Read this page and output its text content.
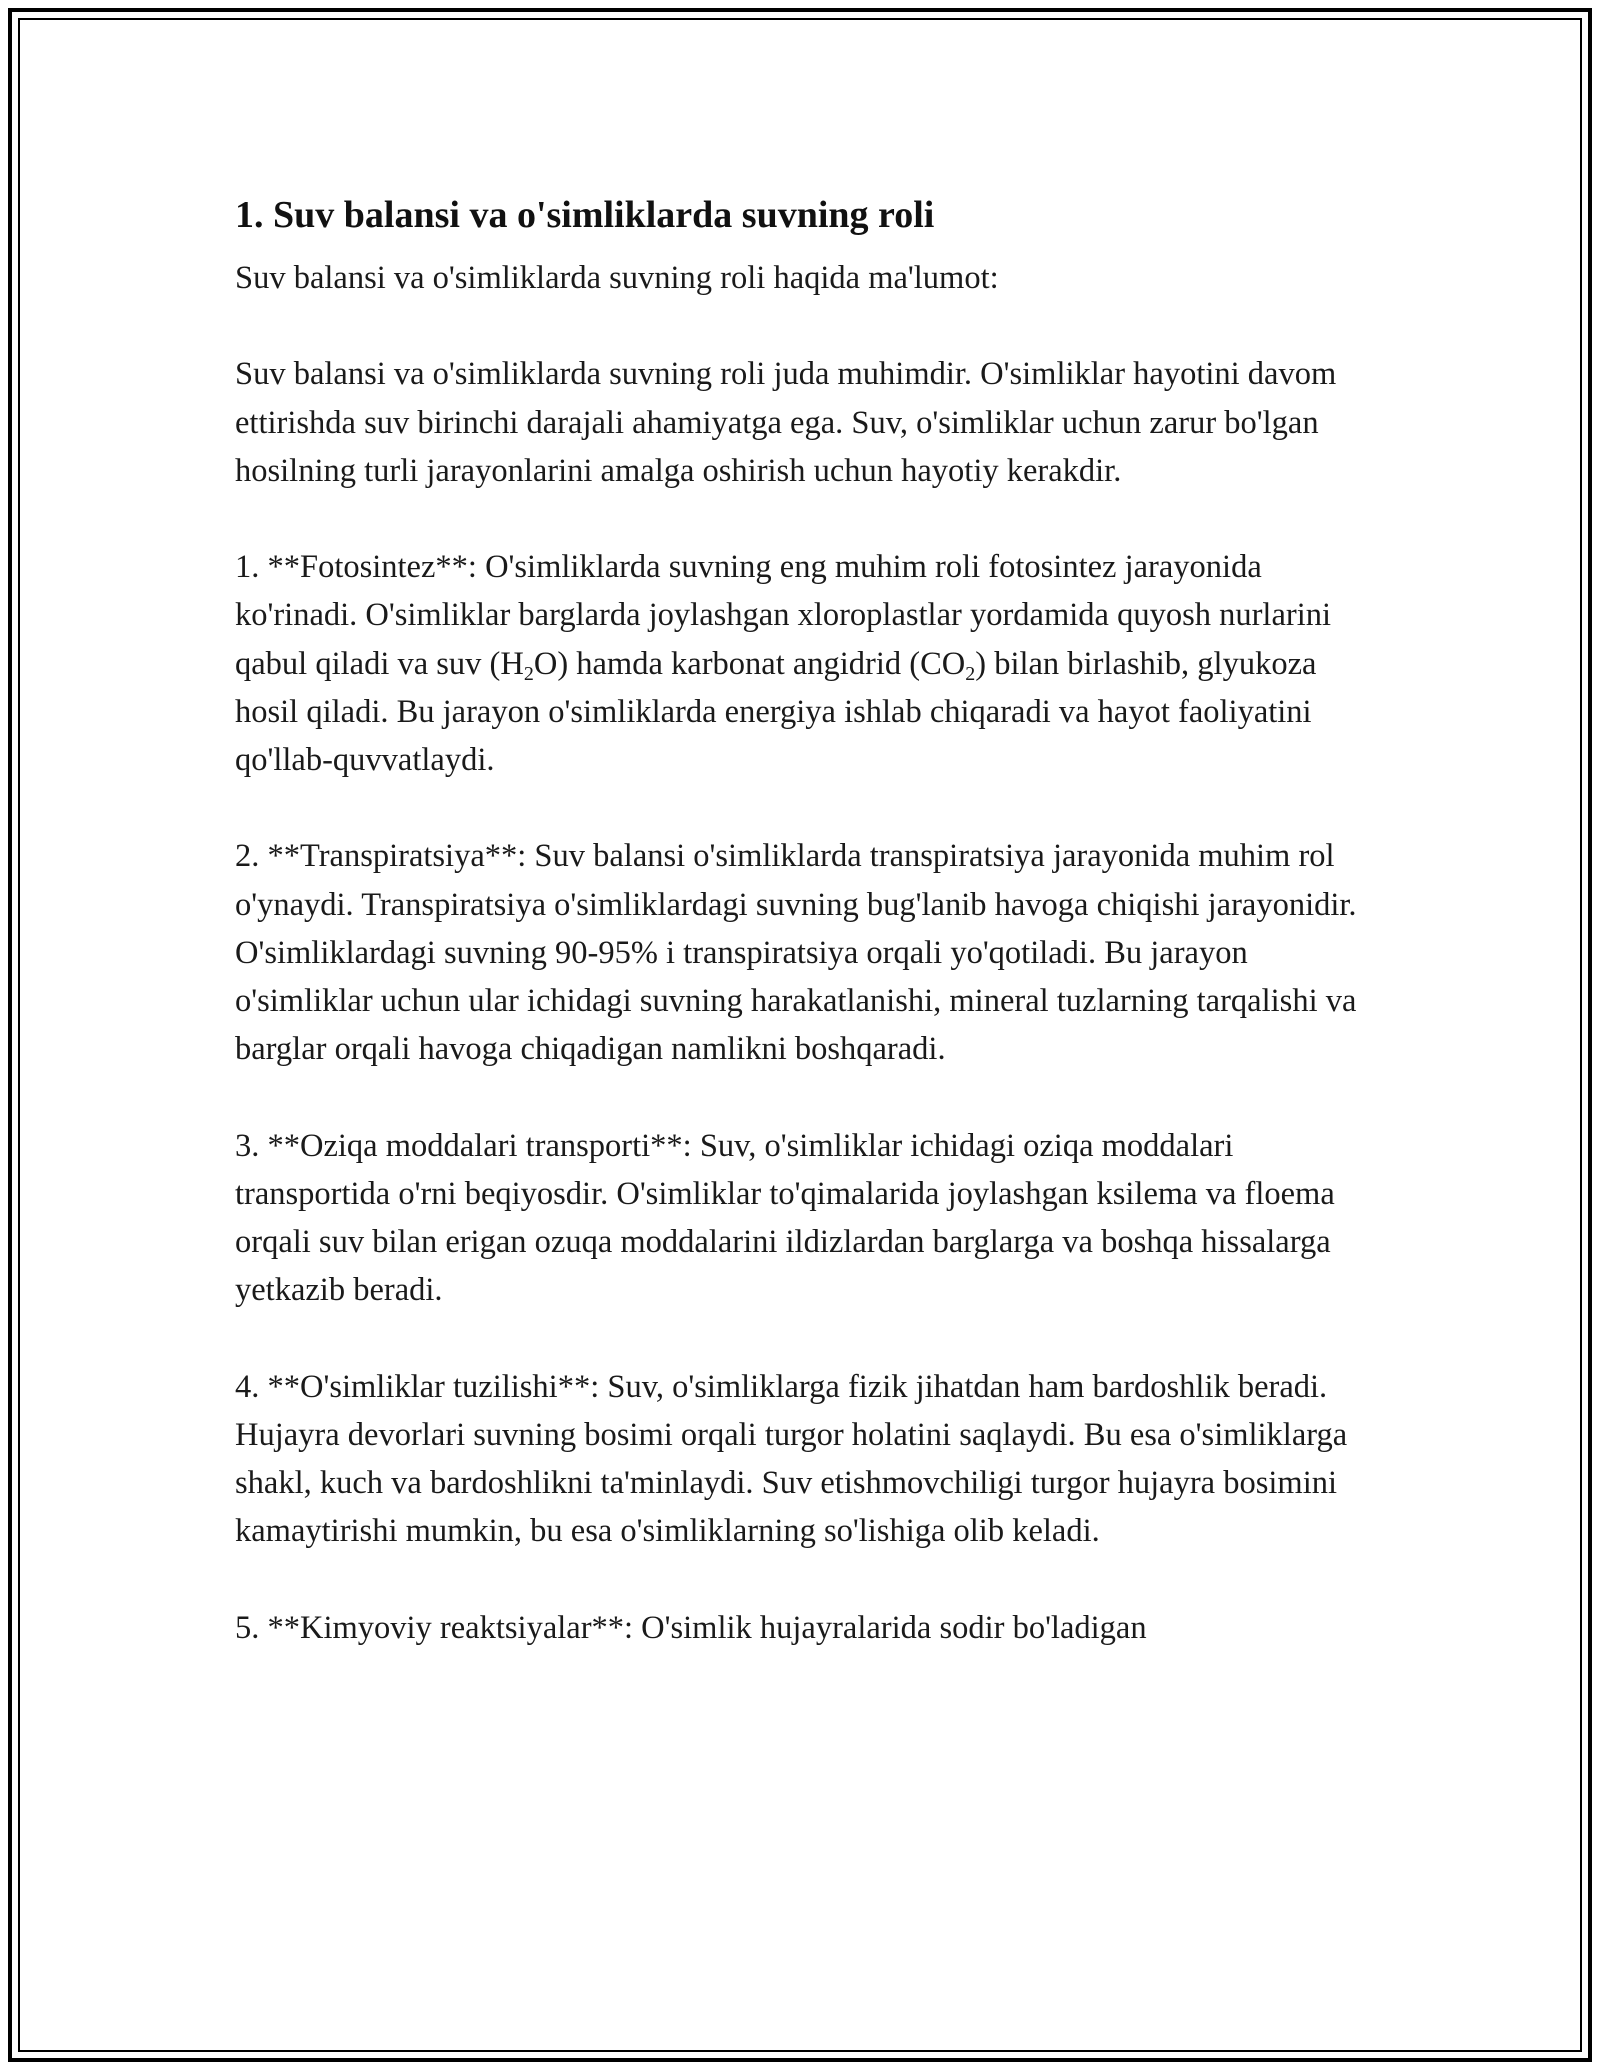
1. Suv balansi va o'simliklarda suvning roli

Suv balansi va o'simliklarda suvning roli haqida ma'lumot:

Suv balansi va o'simliklarda suvning roli juda muhimdir. O'simliklar hayotini davom ettirishda suv birinchi darajali ahamiyatga ega. Suv, o'simliklar uchun zarur bo'lgan hosilning turli jarayonlarini amalga oshirish uchun hayotiy kerakdir.

1. **Fotosintez**: O'simliklarda suvning eng muhim roli fotosintez jarayonida ko'rinadi. O'simliklar barglarda joylashgan xloroplastlar yordamida quyosh nurlarini qabul qiladi va suv $(H_2O)$ hamda karbonat angidrid $(CO_2)$ bilan birlashib, glyukoza hosil qiladi. Bu jarayon o'simliklarda energiya ishlab chiqaradi va hayot faoliyatini qo'llab-quvvatlaydi.

2. **Transpiratsiya**: Suv balansi o'simliklarda transpiratsiya jarayonida muhim rol o'ynaydi. Transpiratsiya o'simliklardagi suvning bug'lanib havoga chiqishi jarayonidir. O'simliklardagi suvning 90-95% i transpiratsiya orqali yo'qotiladi. Bu jarayon o'simliklar uchun ular ichidagi suvning harakatlanishi, mineral tuzlarning tarqalishi va barglar orqali havoga chiqadigan namlikni boshqaradi.

3. **Oziqa moddalari transporti**: Suv, o'simliklar ichidagi oziqa moddalari transportida o'rni beqiyosdir. O'simliklar to'qimalarida joylashgan ksilema va floema orqali suv bilan erigan ozuqa moddalarini ildizlardan barglarga va boshqa hissalarga yetkazib beradi.

4. **O'simliklar tuzilishi**: Suv, o'simliklarga fizik jihatdan ham bardoshlik beradi. Hujayra devorlari suvning bosimi orqali turgor holatini saqlaydi. Bu esa o'simliklarga shakl, kuch va bardoshlikni ta'minlaydi. Suv etishmovchiligi turgor hujayra bosimini kamaytirishi mumkin, bu esa o'simliklarning so'lishiga olib keladi.

5. **Kimyoviy reaktsiyalar**: O'simlik hujayralarida sodir bo'ladigan
